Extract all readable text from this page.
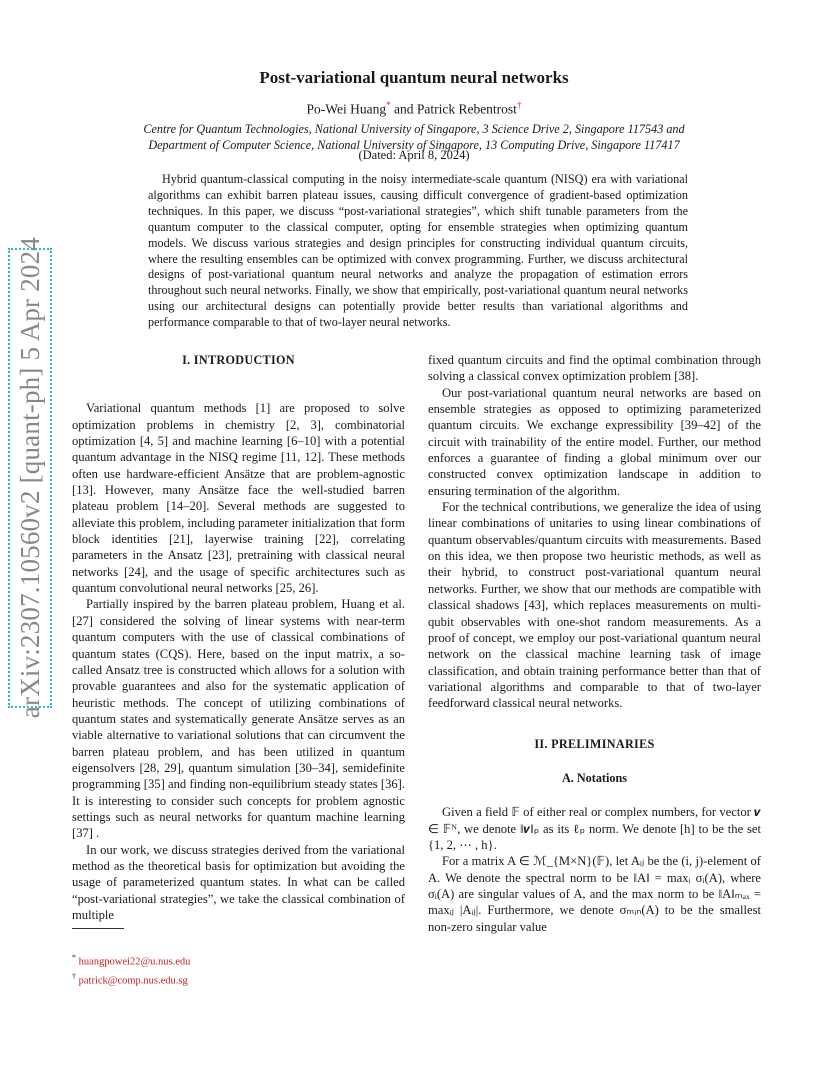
arXiv:2307.10560v2 [quant-ph] 5 Apr 2024
Post-variational quantum neural networks
Po-Wei Huang* and Patrick Rebentrost†
Centre for Quantum Technologies, National University of Singapore, 3 Science Drive 2, Singapore 117543 and
Department of Computer Science, National University of Singapore, 13 Computing Drive, Singapore 117417
(Dated: April 8, 2024)
Hybrid quantum-classical computing in the noisy intermediate-scale quantum (NISQ) era with variational algorithms can exhibit barren plateau issues, causing difficult convergence of gradient-based optimization techniques. In this paper, we discuss “post-variational strategies”, which shift tunable parameters from the quantum computer to the classical computer, opting for ensemble strategies when optimizing quantum models. We discuss various strategies and design principles for constructing individual quantum circuits, where the resulting ensembles can be optimized with convex programming. Further, we discuss architectural designs of post-variational quantum neural networks and analyze the propagation of estimation errors throughout such neural networks. Finally, we show that empirically, post-variational quantum neural networks using our architectural designs can potentially provide better results than variational algorithms and performance comparable to that of two-layer neural networks.
I. INTRODUCTION

Variational quantum methods [1] are proposed to solve optimization problems in chemistry [2, 3], combinatorial optimization [4, 5] and machine learning [6–10] with a potential quantum advantage in the NISQ regime [11, 12]. These methods often use hardware-efficient Ansätze that are problem-agnostic [13]. However, many Ansätze face the well-studied barren plateau problem [14–20]. Several methods are suggested to alleviate this problem, including parameter initialization that form block identities [21], layerwise training [22], correlating parameters in the Ansatz [23], pretraining with classical neural networks [24], and the usage of specific architectures such as quantum convolutional neural networks [25, 26].

Partially inspired by the barren plateau problem, Huang et al. [27] considered the solving of linear systems with near-term quantum computers with the use of classical combinations of quantum states (CQS). Here, based on the input matrix, a so-called Ansatz tree is constructed which allows for a solution with provable guarantees and also for the systematic application of heuristic methods. The concept of utilizing combinations of quantum states and systematically generate Ansätze serves as an viable alternative to variational solutions that can circumvent the barren plateau problem, and has been utilized in quantum eigensolvers [28, 29], quantum simulation [30–34], semidefinite programming [35] and finding non-equilibrium steady states [36]. It is interesting to consider such concepts for problem agnostic settings such as neural networks for quantum machine learning [37] .

In our work, we discuss strategies derived from the variational method as the theoretical basis for optimization but avoiding the usage of parameterized quantum states. In what can be called “post-variational strategies”, we take the classical combination of multiple

fixed quantum circuits and find the optimal combination through solving a classical convex optimization problem [38].

Our post-variational quantum neural networks are based on ensemble strategies as opposed to optimizing parameterized quantum circuits. We exchange expressibility [39–42] of the circuit with trainability of the entire model. Further, our method enforces a guarantee of finding a global minimum over our constructed convex optimization landscape in addition to ensuring termination of the algorithm.

For the technical contributions, we generalize the idea of using linear combinations of unitaries to using linear combinations of quantum observables/quantum circuits with measurements. Based on this idea, we then propose two heuristic methods, as well as their hybrid, to construct post-variational quantum neural networks. Further, we show that our methods are compatible with classical shadows [43], which replaces measurements on multi-qubit observables with one-shot random measurements. As a proof of concept, we employ our post-variational quantum neural network on the classical machine learning task of image classification, and obtain training performance better than that of variational algorithms and comparable to that of two-layer feedforward classical neural networks.

II. PRELIMINARIES
A. Notations

Given a field 𝔽 of either real or complex numbers, for vector 𝒗 ∈ 𝔽ᴺ, we denote ‖𝒗‖ₚ as its ℓₚ norm. We denote [h] to be the set {1, 2, ⋯ , h}.

For a matrix A ∈ ℳ_{M×N}(𝔽), let Aᵢⱼ be the (i, j)-element of A. We denote the spectral norm to be ‖A‖ = maxᵢ σᵢ(A), where σᵢ(A) are singular values of A, and the max norm to be ‖A‖ₘₐₓ = maxᵢⱼ |Aᵢⱼ|. Furthermore, we denote σₘᵢₙ(A) to be the smallest non-zero singular value

* huangpowei22@u.nus.edu
† patrick@comp.nus.edu.sg
